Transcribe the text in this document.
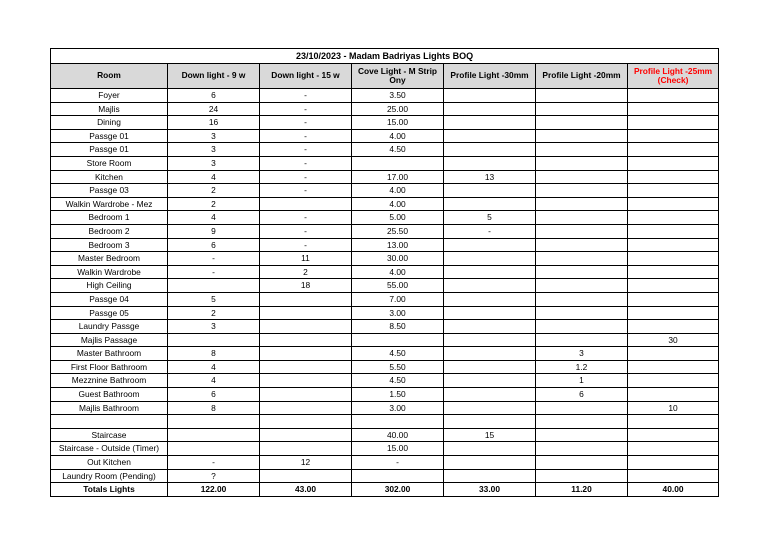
23/10/2023 - Madam Badriyas Lights BOQ						
Room	Down light - 9 w	Down light - 15 w	Cove Light - M Strip Ony	Profile Light -30mm	Profile Light -20mm	Profile Light -25mm (Check)
Foyer	6	-	3.50			
Majlis	24	-	25.00			
Dining	16	-	15.00			
Passge 01	3	-	4.00			
Passge 01	3	-	4.50			
Store Room	3	-				
Kitchen	4	-	17.00	13		
Passge 03	2	-	4.00			
Walkin Wardrobe - Mez	2		4.00			
Bedroom 1	4	-	5.00	5		
Bedroom 2	9	-	25.50	-		
Bedroom 3	6	-	13.00			
Master Bedroom	-	11	30.00			
Walkin Wardrobe	-	2	4.00			
High Ceiling		18	55.00			
Passge 04	5		7.00			
Passge 05	2		3.00			
Laundry Passge	3		8.50			
Majlis Passage						30
Master Bathroom	8		4.50		3	
First Floor Bathroom	4		5.50		1.2	
Mezznine Bathroom	4		4.50		1	
Guest Bathroom	6		1.50		6	
Majlis Bathroom	8		3.00			10

Staircase			40.00	15		
Staircase - Outside (Timer)			15.00			
Out Kitchen	-	12	-			
Laundry Room (Pending)	?					
Totals Lights	122.00	43.00	302.00	33.00	11.20	40.00
